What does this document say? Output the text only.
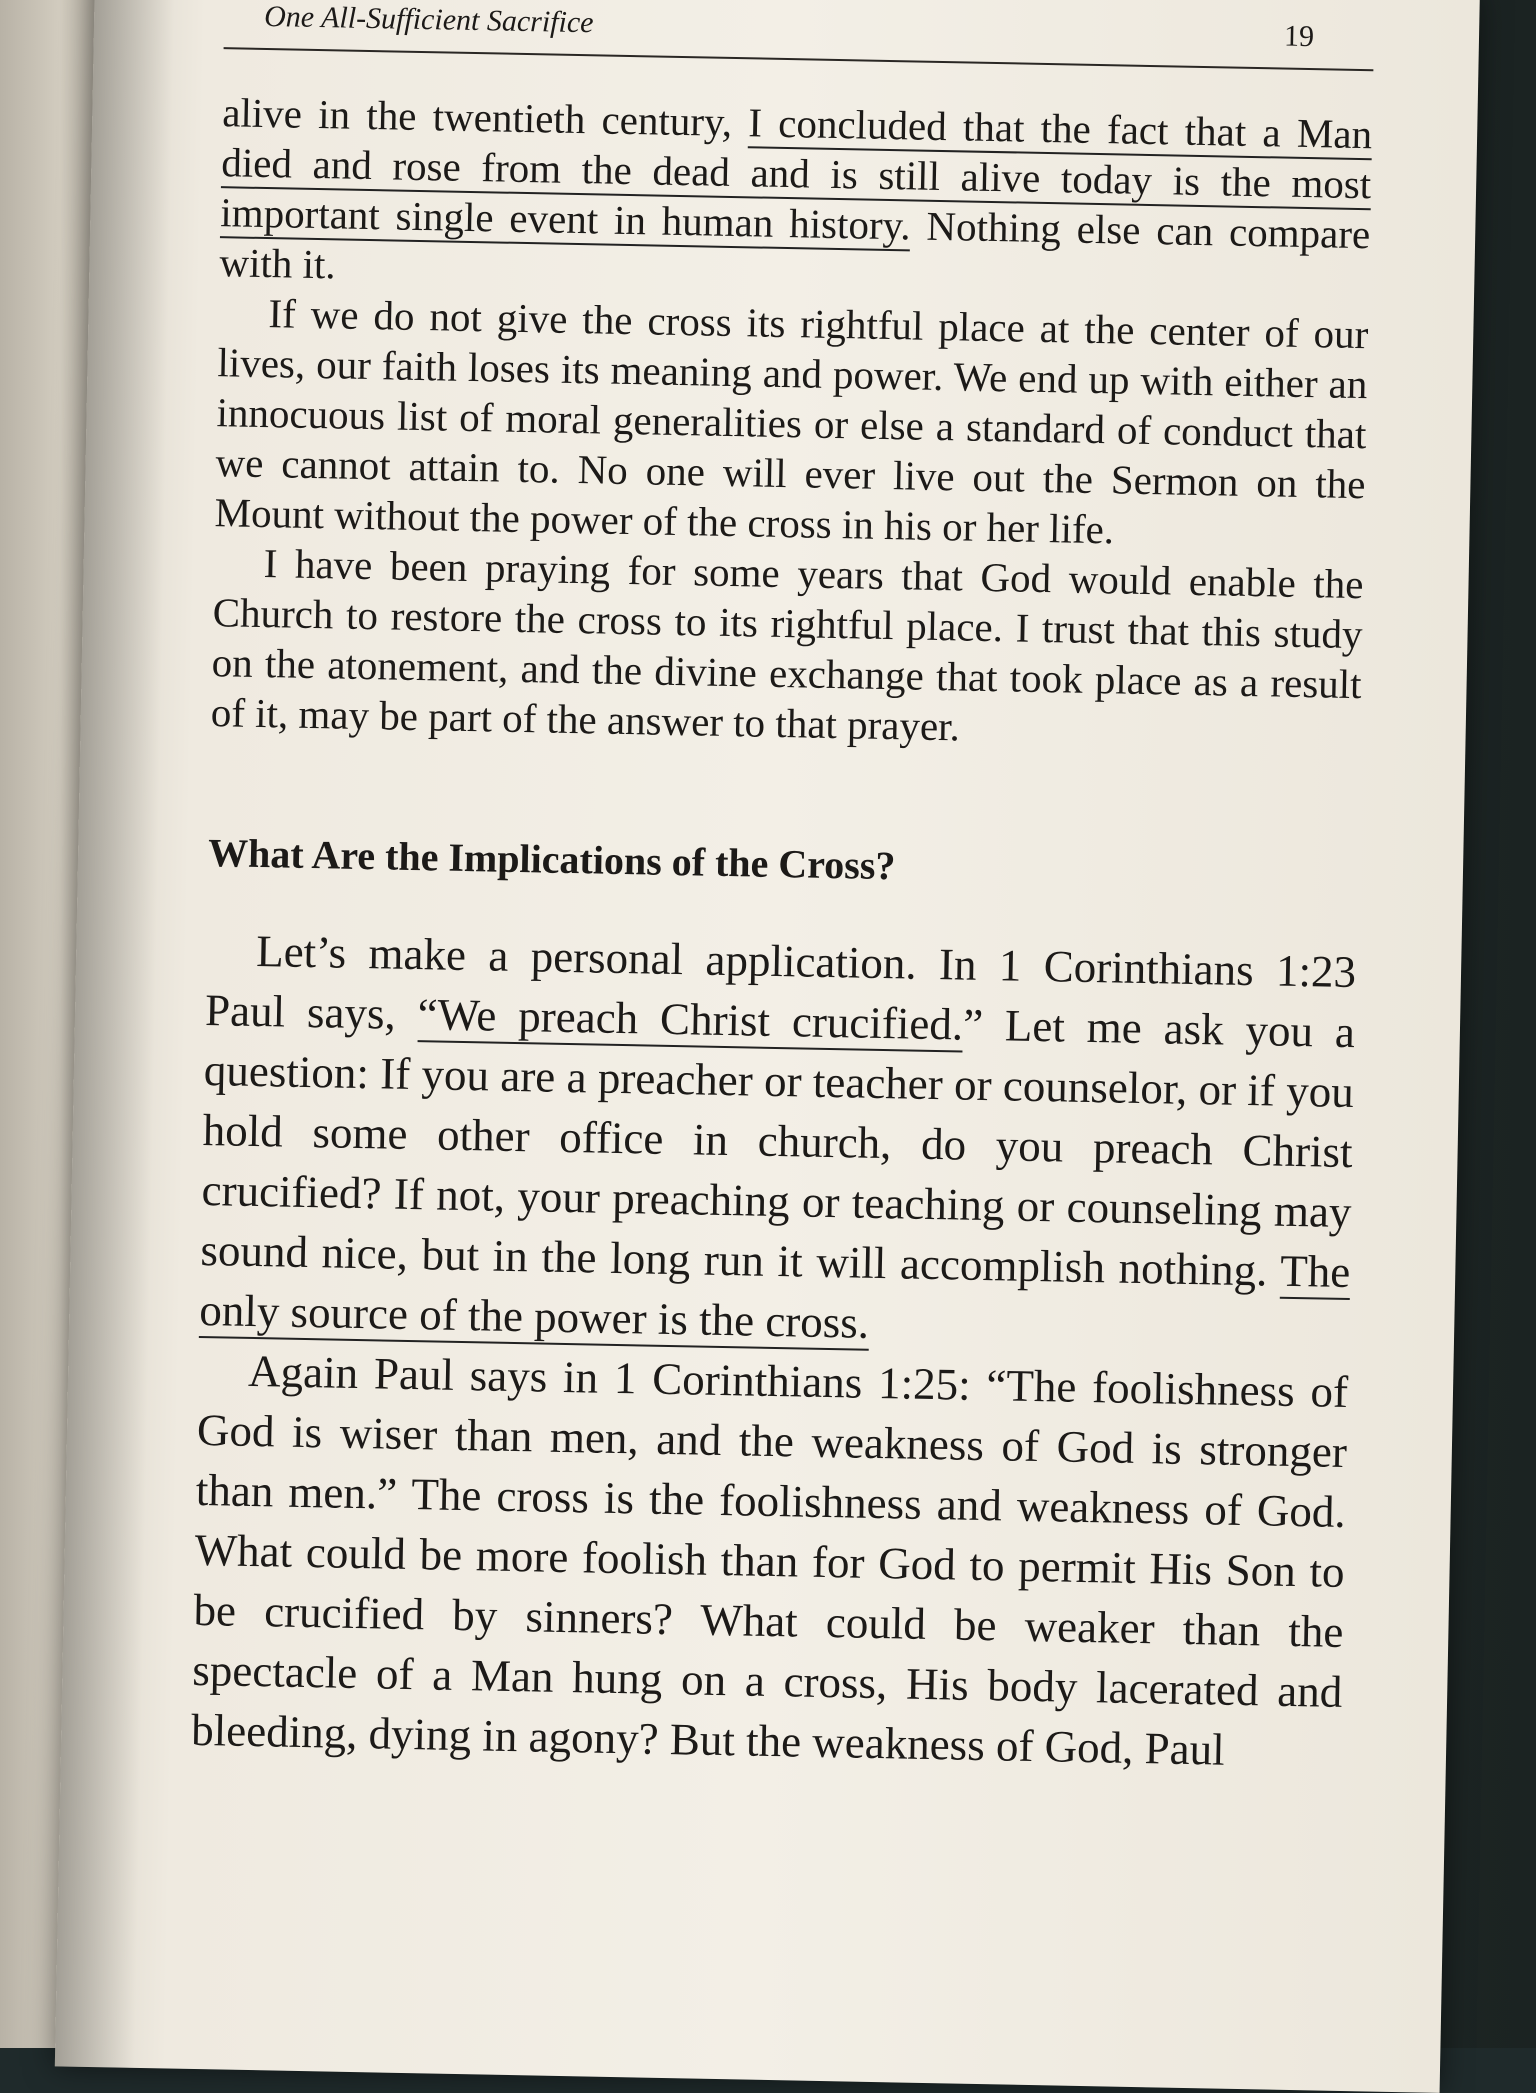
One All-Sufficient Sacrifice	19

alive in the twentieth century, I concluded that the fact that a Man died and rose from the dead and is still alive today is the most important single event in human history. Nothing else can compare with it.

If we do not give the cross its rightful place at the center of our lives, our faith loses its meaning and power. We end up with either an innocuous list of moral generalities or else a standard of conduct that we cannot attain to. No one will ever live out the Sermon on the Mount without the power of the cross in his or her life.

I have been praying for some years that God would enable the Church to restore the cross to its rightful place. I trust that this study on the atonement, and the divine exchange that took place as a result of it, may be part of the answer to that prayer.

What Are the Implications of the Cross?

Let’s make a personal application. In 1 Corinthians 1:23 Paul says, “We preach Christ crucified.” Let me ask you a question: If you are a preacher or teacher or counselor, or if you hold some other office in church, do you preach Christ crucified? If not, your preaching or teaching or counseling may sound nice, but in the long run it will accomplish nothing. The only source of the power is the cross.

Again Paul says in 1 Corinthians 1:25: “The foolishness of God is wiser than men, and the weakness of God is stronger than men.” The cross is the foolishness and weakness of God. What could be more foolish than for God to permit His Son to be crucified by sinners? What could be weaker than the spectacle of a Man hung on a cross, His body lacerated and bleeding, dying in agony? But the weakness of God, Paul
